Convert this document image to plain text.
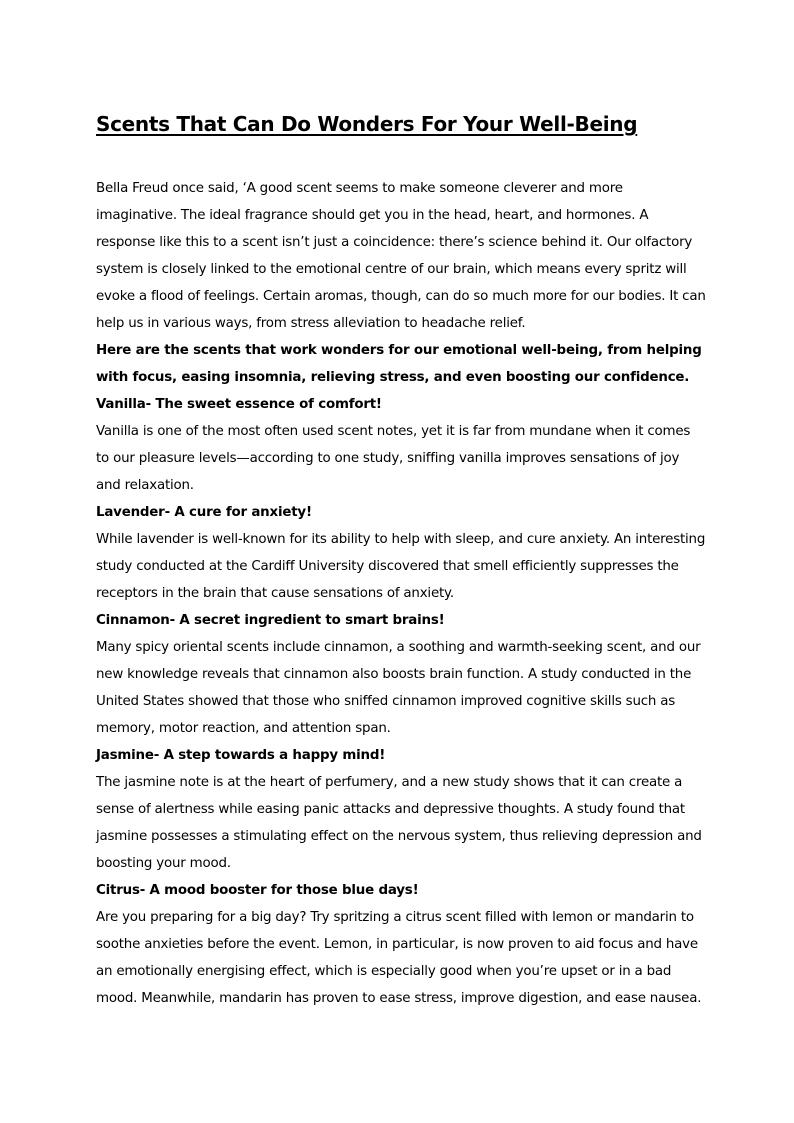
Scents That Can Do Wonders For Your Well-Being

Bella Freud once said, ‘A good scent seems to make someone cleverer and more imaginative. The ideal fragrance should get you in the head, heart, and hormones. A response like this to a scent isn’t just a coincidence: there’s science behind it. Our olfactory system is closely linked to the emotional centre of our brain, which means every spritz will evoke a flood of feelings. Certain aromas, though, can do so much more for our bodies. It can help us in various ways, from stress alleviation to headache relief.

Here are the scents that work wonders for our emotional well-being, from helping with focus, easing insomnia, relieving stress, and even boosting our confidence.

Vanilla- The sweet essence of comfort!

Vanilla is one of the most often used scent notes, yet it is far from mundane when it comes to our pleasure levels—according to one study, sniffing vanilla improves sensations of joy and relaxation.

Lavender- A cure for anxiety!

While lavender is well-known for its ability to help with sleep, and cure anxiety. An interesting study conducted at the Cardiff University discovered that smell efficiently suppresses the receptors in the brain that cause sensations of anxiety.

Cinnamon- A secret ingredient to smart brains!

Many spicy oriental scents include cinnamon, a soothing and warmth-seeking scent, and our new knowledge reveals that cinnamon also boosts brain function. A study conducted in the United States showed that those who sniffed cinnamon improved cognitive skills such as memory, motor reaction, and attention span.

Jasmine- A step towards a happy mind!

The jasmine note is at the heart of perfumery, and a new study shows that it can create a sense of alertness while easing panic attacks and depressive thoughts. A study found that jasmine possesses a stimulating effect on the nervous system, thus relieving depression and boosting your mood.

Citrus- A mood booster for those blue days!

Are you preparing for a big day? Try spritzing a citrus scent filled with lemon or mandarin to soothe anxieties before the event. Lemon, in particular, is now proven to aid focus and have an emotionally energising effect, which is especially good when you’re upset or in a bad mood. Meanwhile, mandarin has proven to ease stress, improve digestion, and ease nausea.
